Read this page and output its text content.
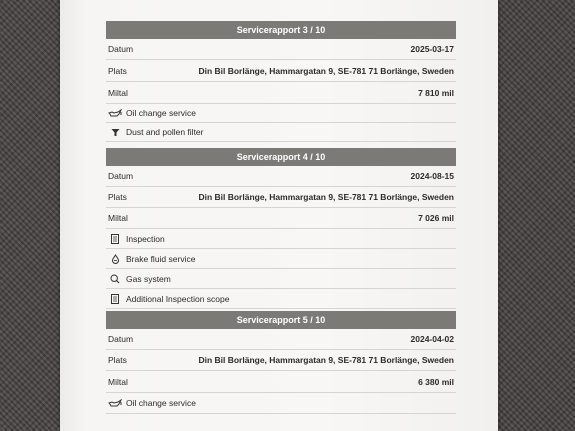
Servicerapport 3 / 10
Datum	2025-03-17
Plats	Din Bil Borlänge, Hammargatan 9, SE-781 71 Borlänge, Sweden
Miltal	7 810 mil
Oil change service
Dust and pollen filter
Servicerapport 4 / 10
Datum	2024-08-15
Plats	Din Bil Borlänge, Hammargatan 9, SE-781 71 Borlänge, Sweden
Miltal	7 026 mil
Inspection
Brake fluid service
Gas system
Additional Inspection scope
Servicerapport 5 / 10
Datum	2024-04-02
Plats	Din Bil Borlänge, Hammargatan 9, SE-781 71 Borlänge, Sweden
Miltal	6 380 mil
Oil change service
